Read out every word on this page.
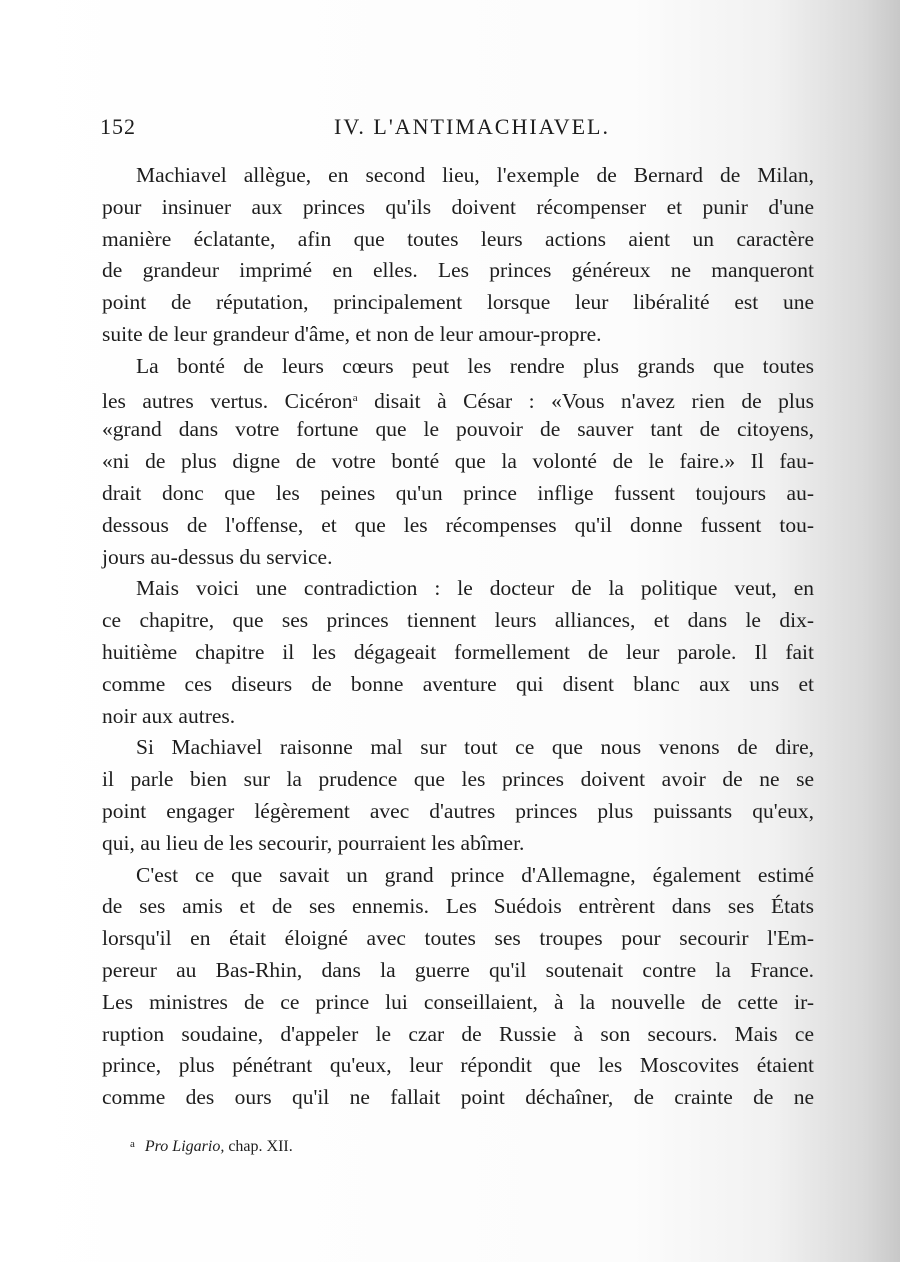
152	IV. L'ANTIMACHIAVEL.
Machiavel allègue, en second lieu, l'exemple de Bernard de Milan,
pour insinuer aux princes qu'ils doivent récompenser et punir d'une
manière éclatante, afin que toutes leurs actions aient un caractère
de grandeur imprimé en elles. Les princes généreux ne manqueront
point de réputation, principalement lorsque leur libéralité est une
suite de leur grandeur d'âme, et non de leur amour-propre.
La bonté de leurs cœurs peut les rendre plus grands que toutes
les autres vertus. Cicéron$^a$ disait à César : «Vous n'avez rien de plus
«grand dans votre fortune que le pouvoir de sauver tant de citoyens,
«ni de plus digne de votre bonté que la volonté de le faire.» Il fau-
drait donc que les peines qu'un prince inflige fussent toujours au-
dessous de l'offense, et que les récompenses qu'il donne fussent tou-
jours au-dessus du service.
Mais voici une contradiction : le docteur de la politique veut, en
ce chapitre, que ses princes tiennent leurs alliances, et dans le dix-
huitième chapitre il les dégageait formellement de leur parole. Il fait
comme ces diseurs de bonne aventure qui disent blanc aux uns et
noir aux autres.
Si Machiavel raisonne mal sur tout ce que nous venons de dire,
il parle bien sur la prudence que les princes doivent avoir de ne se
point engager légèrement avec d'autres princes plus puissants qu'eux,
qui, au lieu de les secourir, pourraient les abîmer.
C'est ce que savait un grand prince d'Allemagne, également estimé
de ses amis et de ses ennemis. Les Suédois entrèrent dans ses États
lorsqu'il en était éloigné avec toutes ses troupes pour secourir l'Em-
pereur au Bas-Rhin, dans la guerre qu'il soutenait contre la France.
Les ministres de ce prince lui conseillaient, à la nouvelle de cette ir-
ruption soudaine, d'appeler le czar de Russie à son secours. Mais ce
prince, plus pénétrant qu'eux, leur répondit que les Moscovites étaient
comme des ours qu'il ne fallait point déchaîner, de crainte de ne
$^a$ Pro Ligario, chap. XII.
